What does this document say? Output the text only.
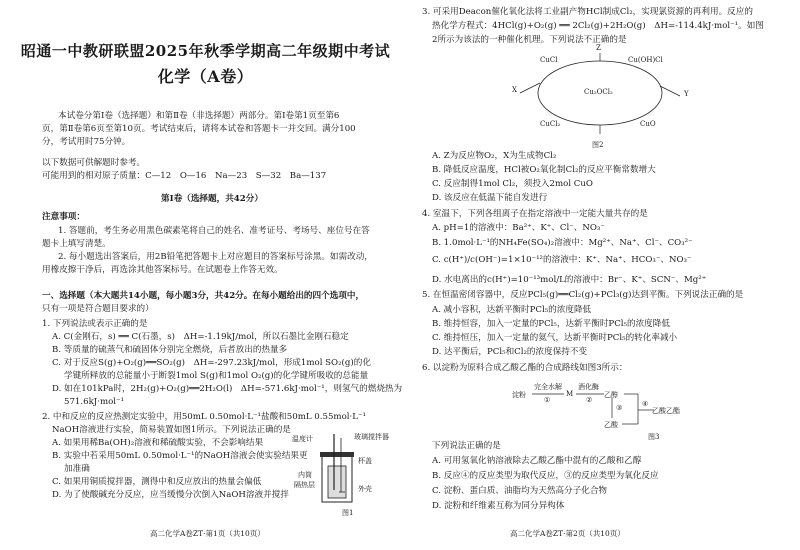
昭通一中教研联盟2025年秋季学期高二年级期中考试
化学（A卷）
本试卷分第Ⅰ卷（选择题）和第Ⅱ卷（非选择题）两部分。第Ⅰ卷第1页至第6
页，第Ⅱ卷第6页至第10页。考试结束后，请将本试卷和答题卡一并交回。满分100
分，考试用时75分钟。
以下数据可供解题时参考。
可能用到的相对原子质量：C—12　O—16　Na—23　S—32　Ba—137
第Ⅰ卷（选择题，共42分）
注意事项：
1. 答题前，考生务必用黑色碳素笔将自己的姓名、准考证号、考场号、座位号在答
题卡上填写清楚。
2. 每小题选出答案后，用2B铅笔把答题卡上对应题目的答案标号涂黑。如需改动，
用橡皮擦干净后，再选涂其他答案标号。在试题卷上作答无效。
一、选择题（本大题共14小题，每小题3分，共42分。在每小题给出的四个选项中，
只有一项是符合题目要求的）
1. 下列说法或表示正确的是
A. C(金刚石，s) ══ C(石墨，s)　ΔH=-1.19kJ/mol，所以石墨比金刚石稳定
B. 等质量的硫蒸气和硫固体分别完全燃烧，后者放出的热量多
C. 对于反应S(g)+O₂(g)══SO₂(g)　ΔH=-297.23kJ/mol，形成1mol SO₂(g)的化
学键所释放的总能量小于断裂1mol S(g)和1mol O₂(g)的化学键所吸收的总能量
D. 如在101kPa时，2H₂(g)+O₂(g)══2H₂O(l)　ΔH=-571.6kJ·mol⁻¹，则氢气的燃烧热为
571.6kJ·mol⁻¹
2. 中和反应的反应热测定实验中，用50mL 0.50mol·L⁻¹盐酸和50mL 0.55mol·L⁻¹
NaOH溶液进行实验，简易装置如图1所示。下列说法正确的是
A. 如果用稀Ba(OH)₂溶液和稀硫酸实验，不会影响结果
B. 实验中若采用50mL 0.50mol·L⁻¹的NaOH溶液会使实验结果更
加准确
C. 如果用铜质搅拌器，测得中和反应放出的热量会偏低
D. 为了使酸碱充分反应，应当缓慢分次倒入NaOH溶液并搅拌
温度计	玻璃搅拌器
内筒
隔热层
杯盖
外壳
图1
高二化学A卷ZT·第1页（共10页）
3. 可采用Deacon催化氧化法将工业副产物HCl制成Cl₂，实现氯资源的再利用。反应的
热化学方程式：4HCl(g)+O₂(g) ══ 2Cl₂(g)+2H₂O(g)　ΔH=-114.4kJ·mol⁻¹。如图
2所示为该法的一种催化机理。下列说法不正确的是
CuCl	Cu(OH)Cl
Cu₂OCl₂
CuCl₂	CuO
X	Y
Z
图2
A. Z为反应物O₂，X为生成物Cl₂
B. 降低反应温度，HCl被O₂氧化制Cl₂的反应平衡常数增大
C. 反应制得1mol Cl₂，须投入2mol CuO
D. 该反应在低温下能自发进行
4. 室温下，下列各组离子在指定溶液中一定能大量共存的是
A. pH=1的溶液中：Ba²⁺、K⁺、Cl⁻、NO₃⁻
B. 1.0mol·L⁻¹的NH₄Fe(SO₄)₂溶液中：Mg²⁺、Na⁺、Cl⁻、CO₃²⁻
C. c(H⁺)/c(OH⁻)=1×10⁻¹²的溶液中：K⁺、Na⁺、HCO₃⁻、NO₃⁻
D. 水电离出的c(H⁺)=10⁻¹³mol/L的溶液中：Br⁻、K⁺、SCN⁻、Mg²⁺
5. 在恒温密闭容器中，反应PCl₅(g)══Cl₂(g)+PCl₃(g)达到平衡。下列说法正确的是
A. 减小容积，达新平衡时PCl₅的浓度降低
B. 维持恒容，加入一定量的PCl₅，达新平衡时PCl₅的浓度降低
C. 维持恒压，加入一定量的氦气，达新平衡时PCl₅的转化率减小
D. 达平衡后，PCl₅和Cl₂的浓度保持不变
6. 以淀粉为原料合成乙酸乙酯的合成路线如图3所示：
淀粉
完全水解
①
M
酒化酶
②
乙醇
乙酸
③	④
乙酸乙酯
图3
下列说法正确的是
A. 可用氢氧化钠溶液除去乙酸乙酯中混有的乙酸和乙醇
B. 反应④的反应类型为取代反应，③的反应类型为氧化反应
C. 淀粉、蛋白质、油脂均为天然高分子化合物
D. 淀粉和纤维素互称为同分异构体
高二化学A卷ZT·第2页（共10页）
